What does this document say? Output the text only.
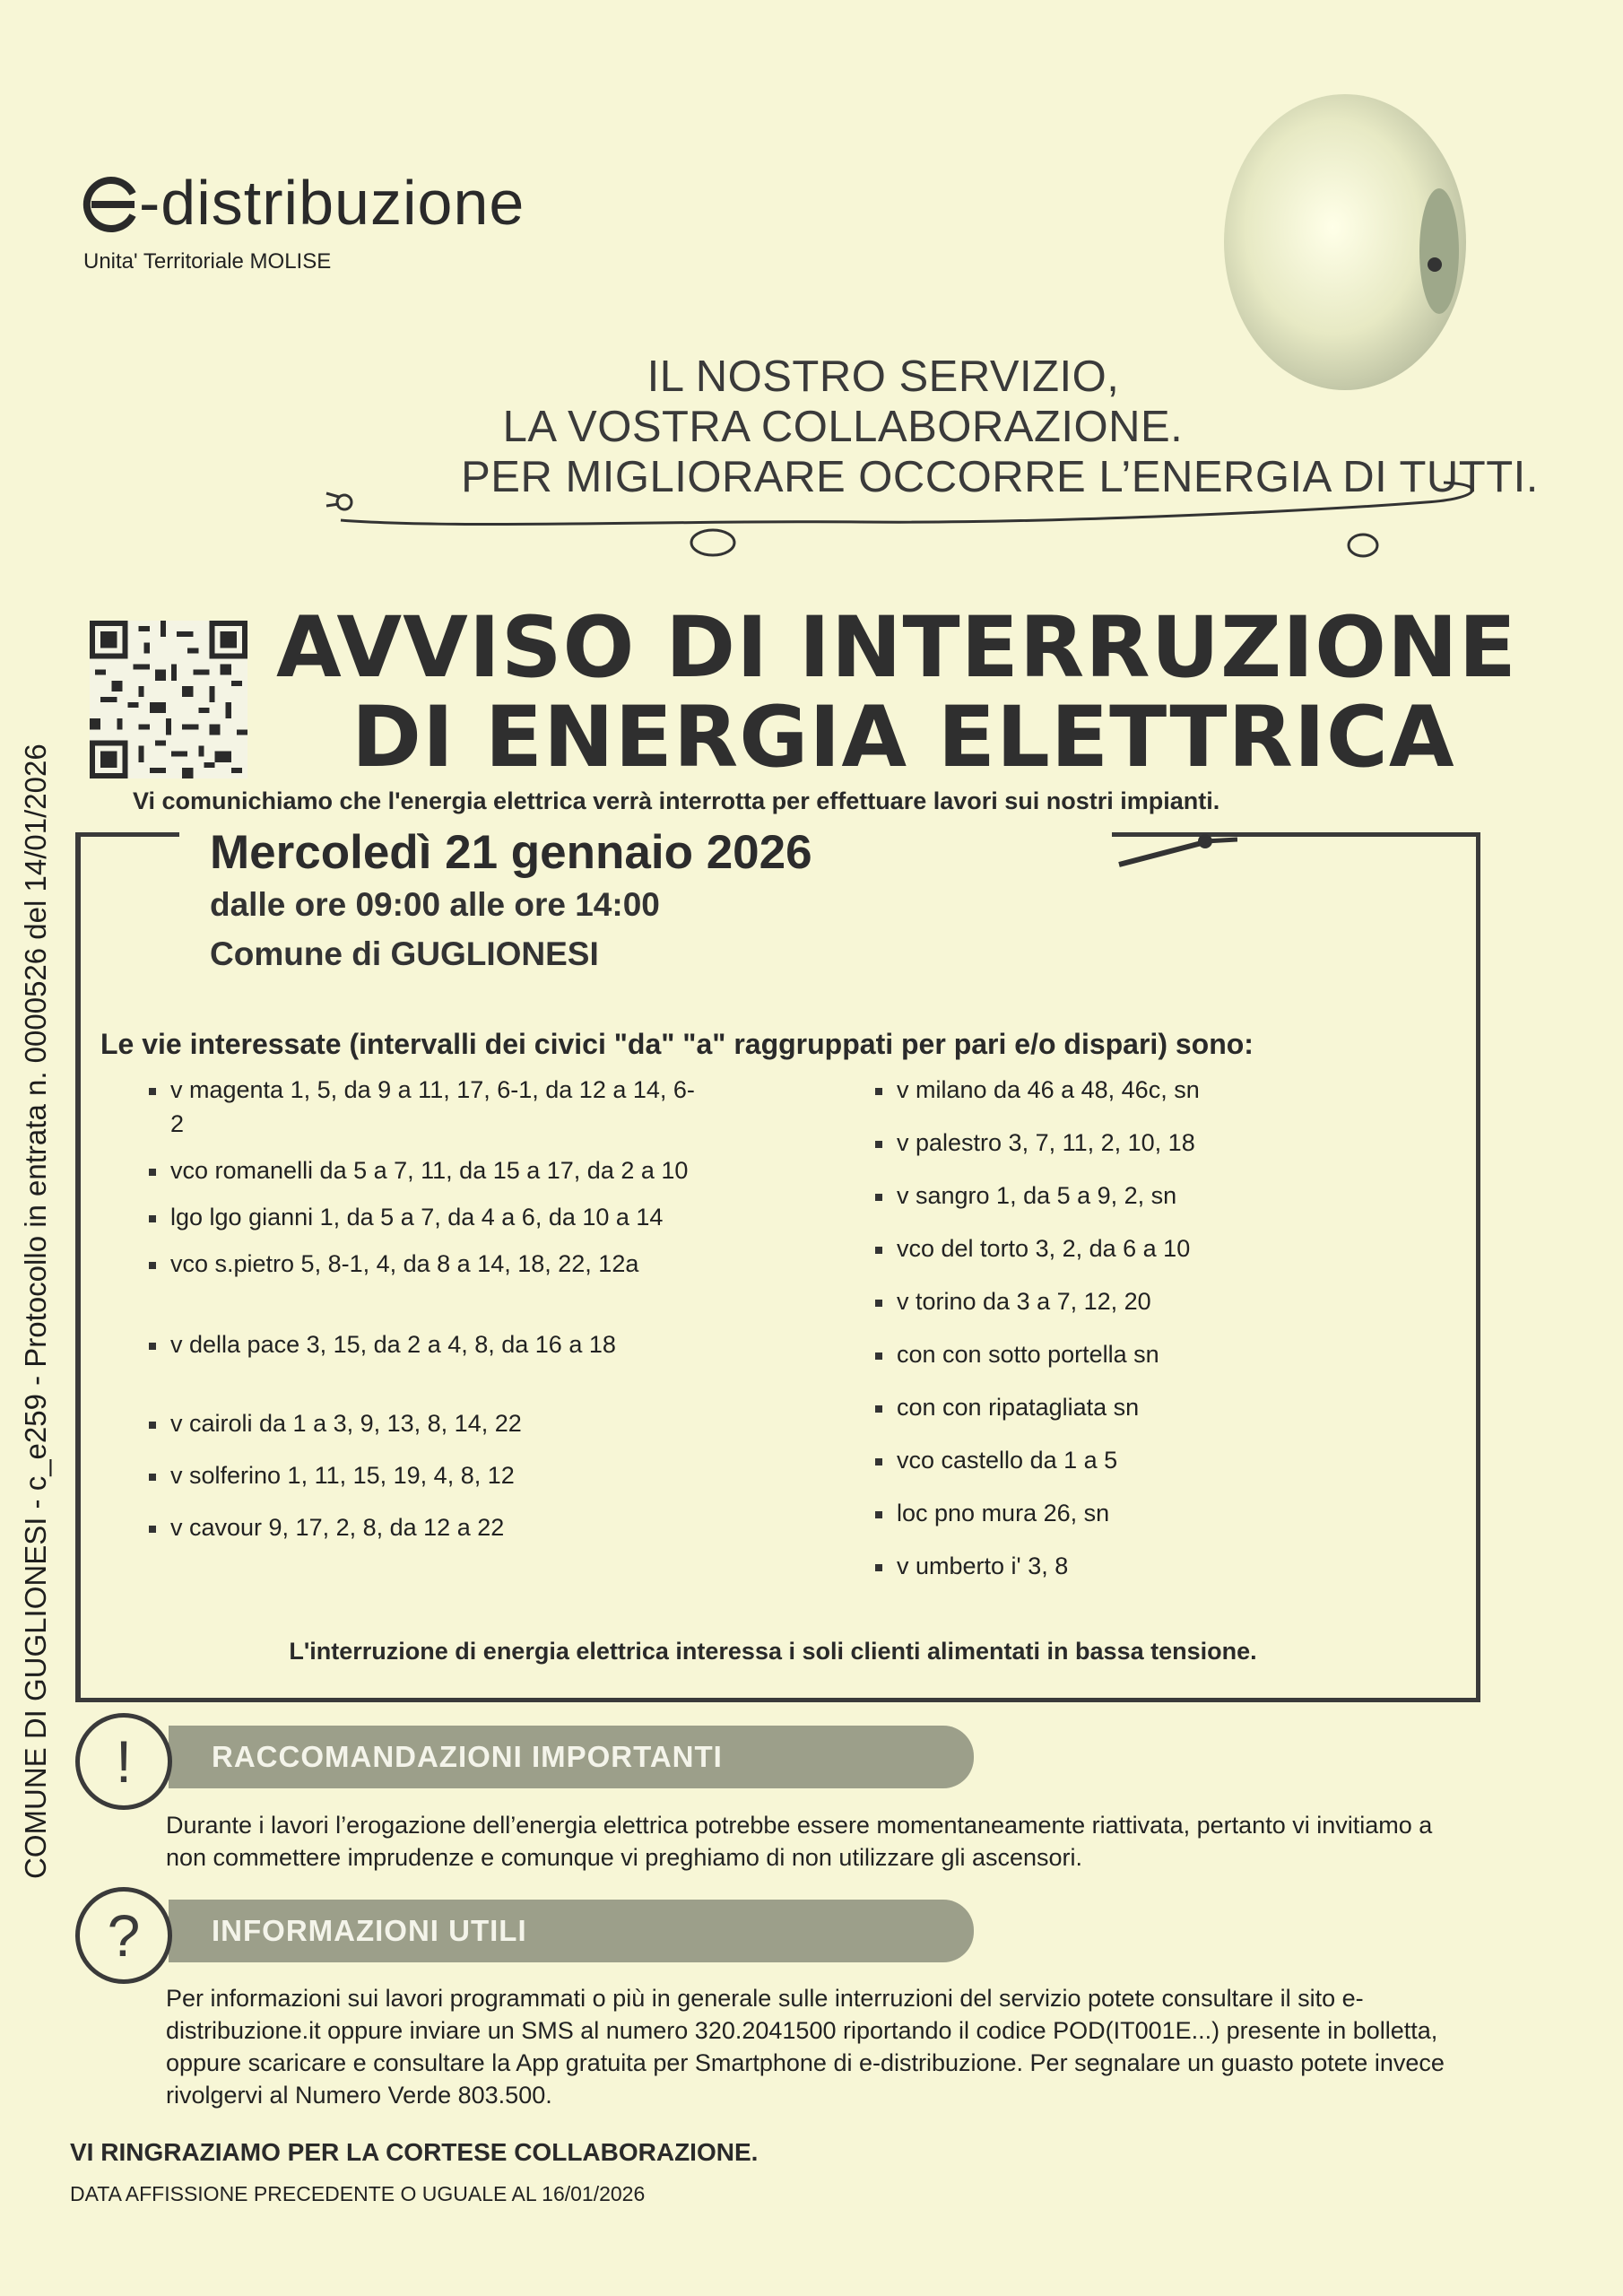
COMUNE DI GUGLIONESI - c_e259 - Protocollo in entrata n. 0000526 del 14/01/2026
-distribuzione
Unita' Territoriale MOLISE
IL NOSTRO SERVIZIO,
LA VOSTRA COLLABORAZIONE.
PER MIGLIORARE OCCORRE L’ENERGIA DI TUTTI.
AVVISO DI INTERRUZIONE
DI ENERGIA ELETTRICA
Vi comunichiamo che l'energia elettrica verrà interrotta per effettuare lavori sui nostri impianti.
Mercoledì 21 gennaio 2026
dalle ore 09:00 alle ore 14:00
Comune di GUGLIONESI
Le vie interessate (intervalli dei civici "da" "a" raggruppati per pari e/o dispari) sono:
v magenta 1, 5, da 9 a 11, 17, 6-1, da 12 a 14, 6-2
vco romanelli da 5 a 7, 11, da 15 a 17, da 2 a 10
lgo lgo gianni 1, da 5 a 7, da 4 a 6, da 10 a 14
vco s.pietro 5, 8-1, 4, da 8 a 14, 18, 22, 12a
v della pace 3, 15, da 2 a 4, 8, da 16 a 18
v cairoli da 1 a 3, 9, 13, 8, 14, 22
v solferino 1, 11, 15, 19, 4, 8, 12
v cavour 9, 17, 2, 8, da 12 a 22
v milano da 46 a 48, 46c, sn
v palestro 3, 7, 11, 2, 10, 18
v sangro 1, da 5 a 9, 2, sn
vco del torto 3, 2, da 6 a 10
v torino da 3 a 7, 12, 20
con con sotto portella sn
con con ripatagliata sn
vco castello da 1 a 5
loc pno mura 26, sn
v umberto i' 3, 8
L'interruzione di energia elettrica interessa i soli clienti alimentati in bassa tensione.
RACCOMANDAZIONI IMPORTANTI
!
Durante i lavori l’erogazione dell’energia elettrica potrebbe essere momentaneamente riattivata, pertanto vi invitiamo a non commettere imprudenze e comunque vi preghiamo di non utilizzare gli ascensori.
INFORMAZIONI UTILI
?
Per informazioni sui lavori programmati o più in generale sulle interruzioni del servizio potete consultare il sito e-distribuzione.it oppure inviare un SMS al numero 320.2041500 riportando il codice POD(IT001E...) presente in bolletta, oppure scaricare e consultare la App gratuita per Smartphone di e-distribuzione. Per segnalare un guasto potete invece rivolgervi al Numero Verde 803.500.
VI RINGRAZIAMO PER LA CORTESE COLLABORAZIONE.
DATA AFFISSIONE PRECEDENTE O UGUALE AL 16/01/2026
